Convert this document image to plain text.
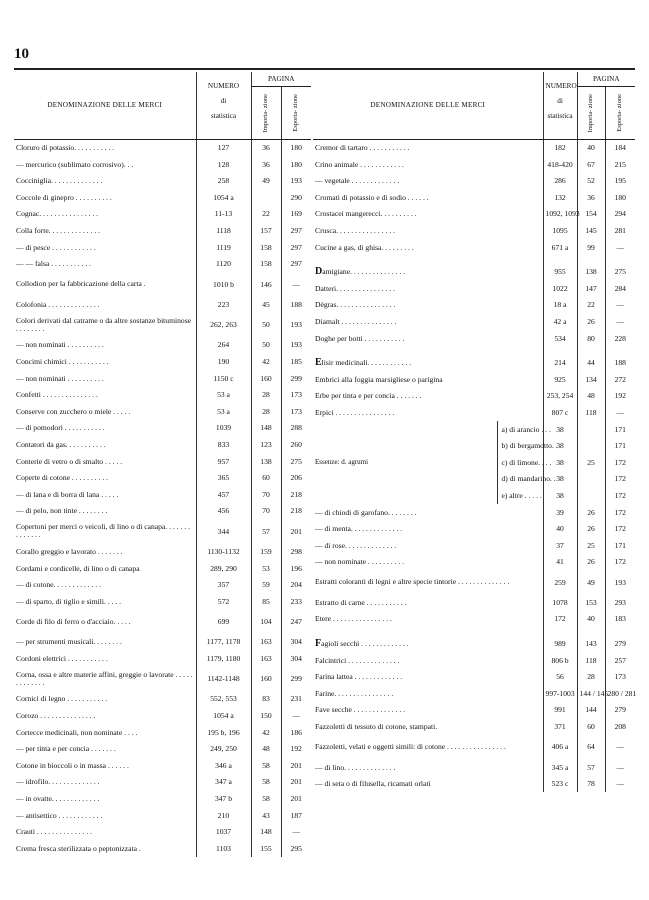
10
DENOMINAZIONE DELLE MERCI	NUMERO
di
statistica	PAGINA	

		Importa- zione	Esporta- zione

Cloruro di potassio. . . . . . . . . . .	127	36	180
— mercurico (sublimato corrosivo). . .	128	36	180
Cocciniglia. . . . . . . . . . . . . .	258	49	193
Coccole di ginepro . . . . . . . . . .	1054 a		290
Cognac. . . . . . . . . . . . . . . .	11-13	22	169
Colla forte. . . . . . . . . . . . . .	1118	157	297
— di pesce . . . . . . . . . . . .	1119	158	297
— — falsa . . . . . . . . . . .	1120	158	297
Collodion per la fabbricazione della carta .	1010 b	146	—
Colofonia . . . . . . . . . . . . . .	223	45	188
Colori derivati dal catrame o da altre sostanze bituminose . . . . . . . .	262, 263	50	193
— non nominati . . . . . . . . . .	264	50	193
Concimi chimici . . . . . . . . . . .	190	42	185
— non nominati . . . . . . . . . .	1150 c	160	299
Confetti . . . . . . . . . . . . . . .	53 a	28	173
Conserve con zucchero o miele . . . . .	53 a	28	173
— di pomodori . . . . . . . . . . .	1039	148	288
Contatori da gas. . . . . . . . . . .	833	123	260
Conterie di vetro o di smalto . . . . .	957	138	275
Coperte di cotone . . . . . . . . . .	365	60	206
— di lana e di borra di lana . . . . .	457	70	218
— di pelo, non tinte . . . . . . . .	456	70	218
Copertoni per merci o veicoli, di lino o di canapa. . . . . . . . . . . . . .	344	57	201
Corallo greggio e lavorato . . . . . . .	1130-1132	159	298
Cordami e cordicelle, di lino o di canapa	289, 290	53	196
— di cotone. . . . . . . . . . . . .	357	59	204
— di sparto, di tiglio e simili. . . . .	572	85	233
Corde di filo di ferro o d'acciaio. . . . .	699	104	247
— per strumenti musicali. . . . . . . .	1177, 1178	163	304
Cordoni elettrici . . . . . . . . . . .	1179, 1180	163	304
Corna, ossa e altre materie affini, greggie o lavorate . . . . . . . . . . . . .	1142-1148	160	299
Cornici di legno . . . . . . . . . . .	552, 553	83	231
Corozo . . . . . . . . . . . . . . .	1054 a	150	—
Cortecce medicinali, non nominate . . . .	195 b, 196	42	186
— per tinta e per concia . . . . . . .	249, 250	48	192
Cotone in bioccoli o in massa . . . . . .	346 a	58	201
— idrofilo. . . . . . . . . . . . . .	347 a	58	201
— in ovatte. . . . . . . . . . . . .	347 b	58	201
— antisettico . . . . . . . . . . . .	210	43	187
Crauti . . . . . . . . . . . . . . .	1037	148	—
Crema fresca sterilizzata o peptonizzata .	1103	155	295
DENOMINAZIONE DELLE MERCI		NUMERO
di
statistica	PAGINA	

			Importa- zione	Esporta- zione

Cremor di tartaro . . . . . . . . . . .		182	40	184
Crino animale . . . . . . . . . . . .		418-420	67	215
— vegetale . . . . . . . . . . . . .		286	52	195
Cromati di potassio e di sodio . . . . . .		132	36	180
Crostacei mangerecci. . . . . . . . . .		1092, 1093	154	294
Crusca. . . . . . . . . . . . . . . .		1095	145	281
Cucine a gas, di ghisa. . . . . . . . .		671 a	99	—

Damigiane. . . . . . . . . . . . . . .		955	138	275
Datteri. . . . . . . . . . . . . . . .		1022	147	284
Dégras. . . . . . . . . . . . . . . .		18 a	22	—
Diamalt . . . . . . . . . . . . . . .		42 a	26	—
Doghe per botti . . . . . . . . . . .		534	80	228

Elisir medicinali. . . . . . . . . . . .		214	44	188
Embrici alla foggia marsigliese o parigina		925	134	272
Erbe per tinta e per concia . . . . . . .		253, 254	48	192
Erpici . . . . . . . . . . . . . . . .		807 c	118	—
Essenze: d. agrumi	a) di arancio . . .	38	25	171
	b) di bergamotto. .	38		171
	c) di limone. . . .	38		172
	d) di mandarino. .	38		172
	e) altre . . . . .	38		172
— di chiodi di garofano. . . . . . . .		39	26	172
— di menta. . . . . . . . . . . . . .		40	26	172
— di rose. . . . . . . . . . . . . .		37	25	171
— non nominate . . . . . . . . . .		41	26	172
Estratti coloranti di legni e altre specie tintorie . . . . . . . . . . . . . .		259	49	193
Estratto di carne . . . . . . . . . . .		1078	153	293
Etere . . . . . . . . . . . . . . . .		172	40	183

Fagioli secchi . . . . . . . . . . . . .		989	143	279
Falcintrici . . . . . . . . . . . . . .		806 b	118	257
Farina lattea . . . . . . . . . . . . .		56	28	173
Farine. . . . . . . . . . . . . . . .		997-1003	144 / 145	280 / 281
Fave secche . . . . . . . . . . . . . .		991	144	279
Fazzoletti di tessuto di cotone, stampati.		371	60	208
Fazzoletti, velati e oggetti simili: di cotone . . . . . . . . . . . . . . . .		406 a	64	—
— di lino. . . . . . . . . . . . . .		345 a	57	—
— di seta o di filusella, ricamati orlati		523 c	78	—
